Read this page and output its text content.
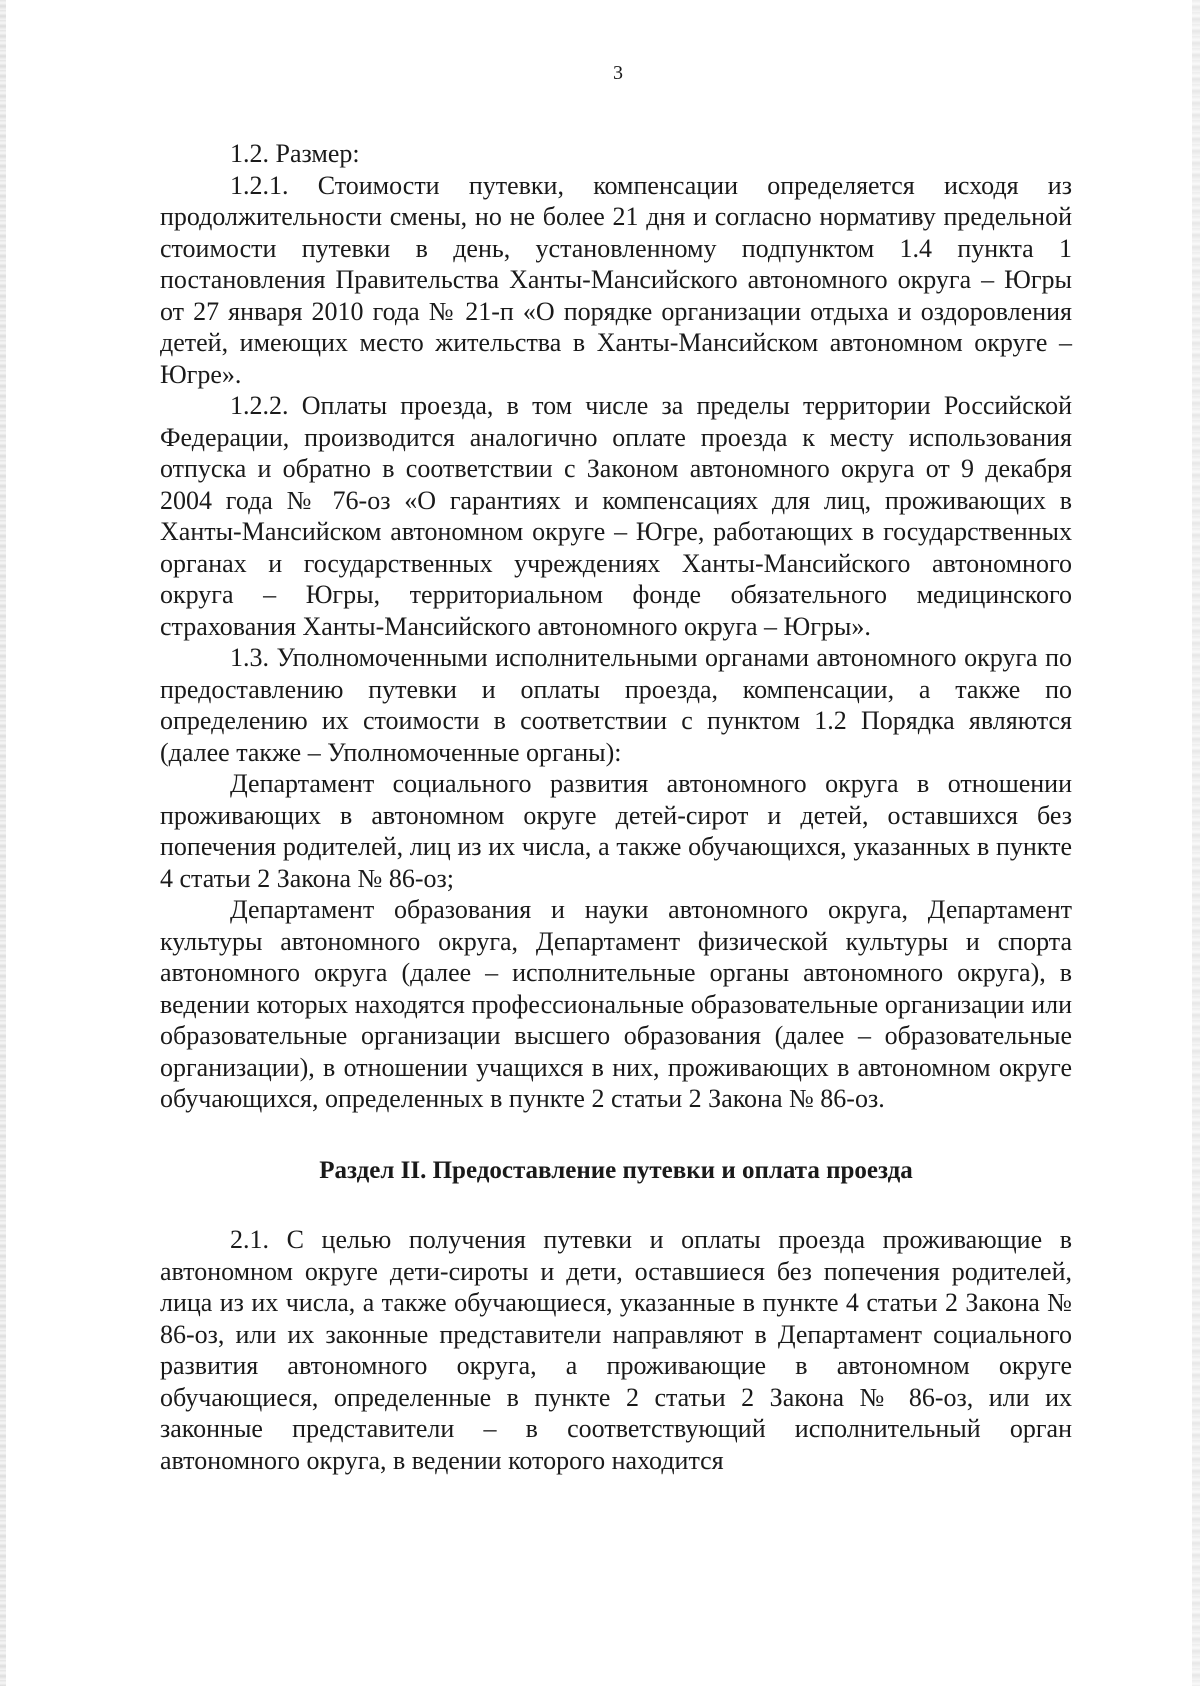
3

1.2. Размер:

1.2.1. Стоимости путевки, компенсации определяется исходя из продолжительности смены, но не более 21 дня и согласно нормативу предельной стоимости путевки в день, установленному подпунктом 1.4 пункта 1 постановления Правительства Ханты-Мансийского автономного округа – Югры от 27 января 2010 года № 21-п «О порядке организации отдыха и оздоровления детей, имеющих место жительства в Ханты-Мансийском автономном округе – Югре».

1.2.2. Оплаты проезда, в том числе за пределы территории Российской Федерации, производится аналогично оплате проезда к месту использования отпуска и обратно в соответствии с Законом автономного округа от 9 декабря 2004 года № 76-оз «О гарантиях и компенсациях для лиц, проживающих в Ханты-Мансийском автономном округе – Югре, работающих в государственных органах и государственных учреждениях Ханты-Мансийского автономного округа – Югры, территориальном фонде обязательного медицинского страхования Ханты-Мансийского автономного округа – Югры».

1.3. Уполномоченными исполнительными органами автономного округа по предоставлению путевки и оплаты проезда, компенсации, а также по определению их стоимости в соответствии с пунктом 1.2 Порядка являются (далее также – Уполномоченные органы):

Департамент социального развития автономного округа в отношении проживающих в автономном округе детей-сирот и детей, оставшихся без попечения родителей, лиц из их числа, а также обучающихся, указанных в пункте 4 статьи 2 Закона № 86-оз;

Департамент образования и науки автономного округа, Департамент культуры автономного округа, Департамент физической культуры и спорта автономного округа (далее – исполнительные органы автономного округа), в ведении которых находятся профессиональные образовательные организации или образовательные организации высшего образования (далее – образовательные организации), в отношении учащихся в них, проживающих в автономном округе обучающихся, определенных в пункте 2 статьи 2 Закона № 86-оз.

Раздел II. Предоставление путевки и оплата проезда

2.1. С целью получения путевки и оплаты проезда проживающие в автономном округе дети-сироты и дети, оставшиеся без попечения родителей, лица из их числа, а также обучающиеся, указанные в пункте 4 статьи 2 Закона № 86-оз, или их законные представители направляют в Департамент социального развития автономного округа, а проживающие в автономном округе обучающиеся, определенные в пункте 2 статьи 2 Закона № 86-оз, или их законные представители – в соответствующий исполнительный орган автономного округа, в ведении которого находится
